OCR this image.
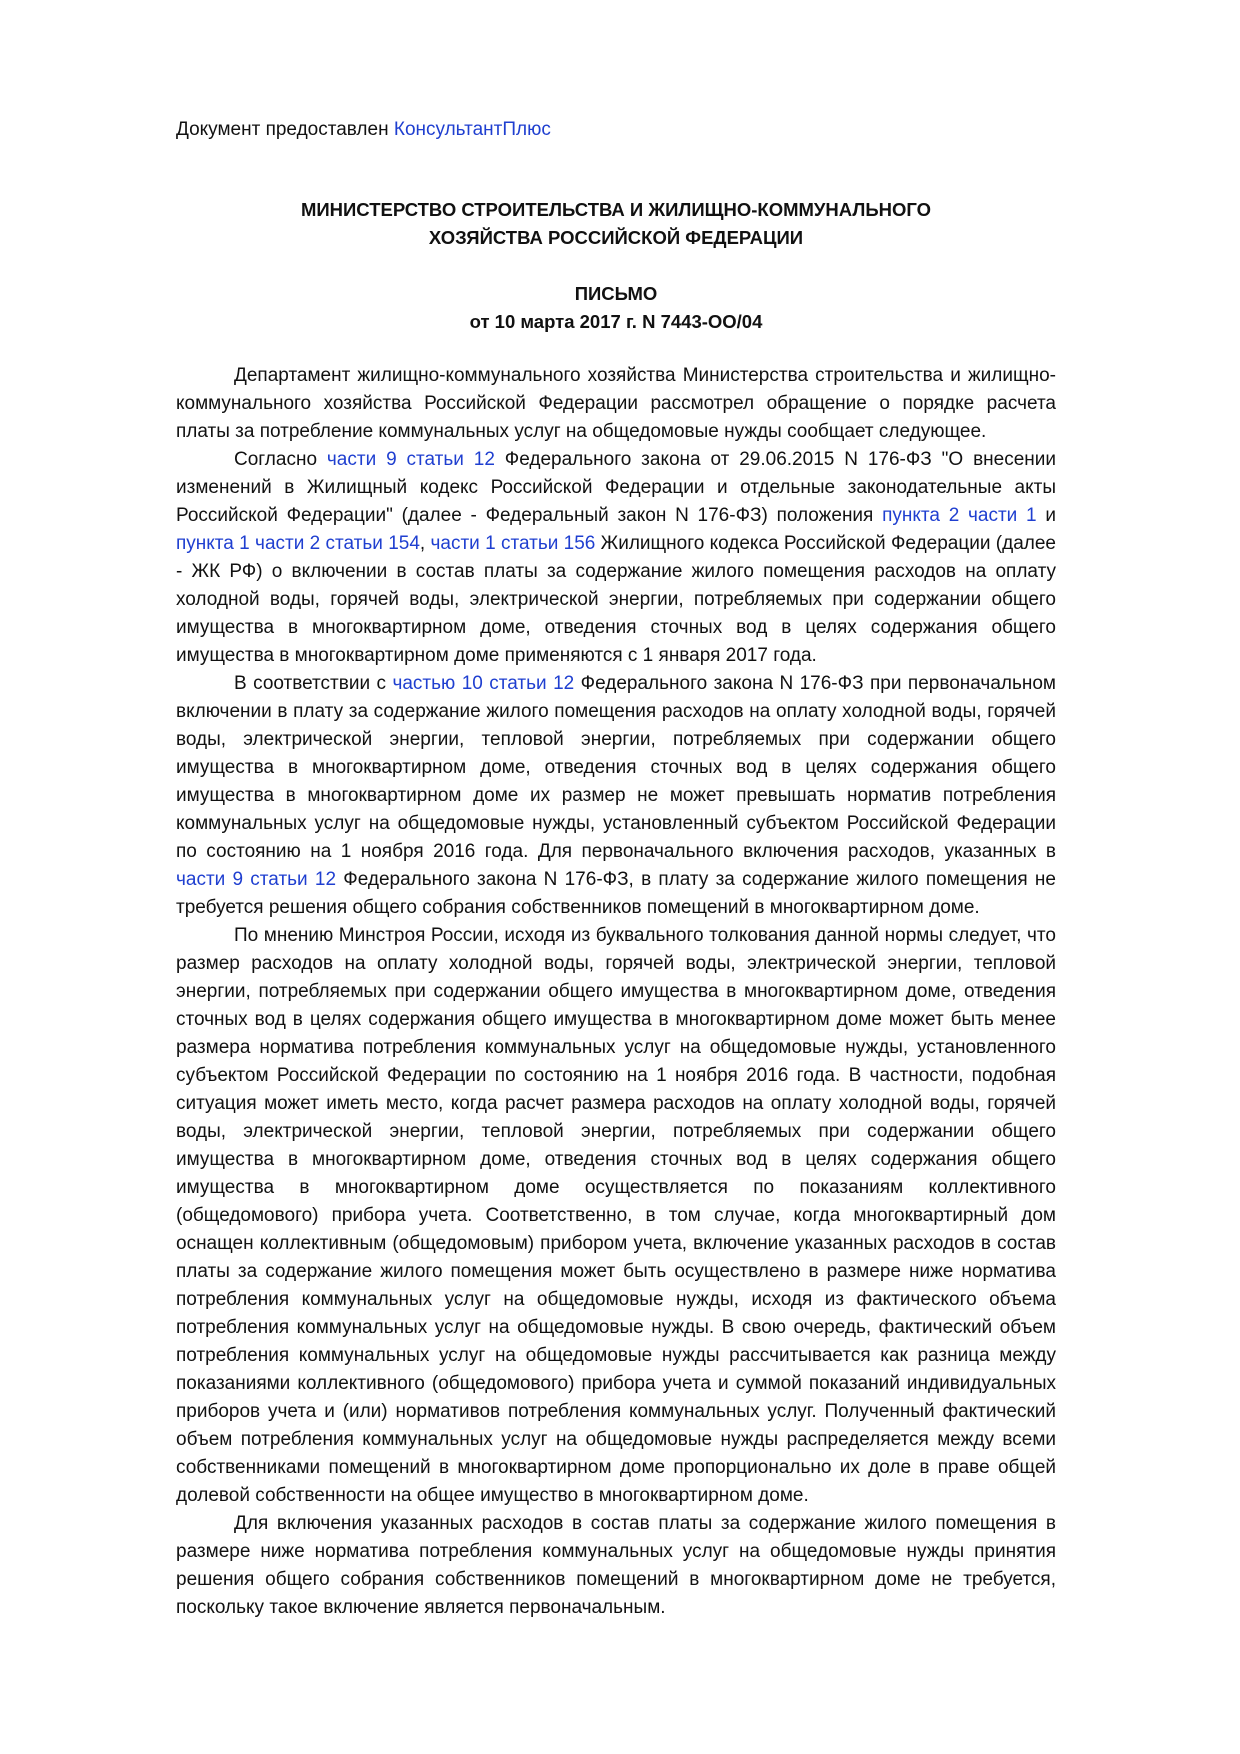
Документ предоставлен КонсультантПлюс
МИНИСТЕРСТВО СТРОИТЕЛЬСТВА И ЖИЛИЩНО-КОММУНАЛЬНОГО
ХОЗЯЙСТВА РОССИЙСКОЙ ФЕДЕРАЦИИ
ПИСЬМО
от 10 марта 2017 г. N 7443-ОО/04

Департамент жилищно-коммунального хозяйства Министерства строительства и жилищно-коммунального хозяйства Российской Федерации рассмотрел обращение о порядке расчета платы за потребление коммунальных услуг на общедомовые нужды сообщает следующее.

Согласно части 9 статьи 12 Федерального закона от 29.06.2015 N 176-ФЗ "О внесении изменений в Жилищный кодекс Российской Федерации и отдельные законодательные акты Российской Федерации" (далее - Федеральный закон N 176-ФЗ) положения пункта 2 части 1 и пункта 1 части 2 статьи 154, части 1 статьи 156 Жилищного кодекса Российской Федерации (далее - ЖК РФ) о включении в состав платы за содержание жилого помещения расходов на оплату холодной воды, горячей воды, электрической энергии, потребляемых при содержании общего имущества в многоквартирном доме, отведения сточных вод в целях содержания общего имущества в многоквартирном доме применяются с 1 января 2017 года.

В соответствии с частью 10 статьи 12 Федерального закона N 176-ФЗ при первоначальном включении в плату за содержание жилого помещения расходов на оплату холодной воды, горячей воды, электрической энергии, тепловой энергии, потребляемых при содержании общего имущества в многоквартирном доме, отведения сточных вод в целях содержания общего имущества в многоквартирном доме их размер не может превышать норматив потребления коммунальных услуг на общедомовые нужды, установленный субъектом Российской Федерации по состоянию на 1 ноября 2016 года. Для первоначального включения расходов, указанных в части 9 статьи 12 Федерального закона N 176-ФЗ, в плату за содержание жилого помещения не требуется решения общего собрания собственников помещений в многоквартирном доме.

По мнению Минстроя России, исходя из буквального толкования данной нормы следует, что размер расходов на оплату холодной воды, горячей воды, электрической энергии, тепловой энергии, потребляемых при содержании общего имущества в многоквартирном доме, отведения сточных вод в целях содержания общего имущества в многоквартирном доме может быть менее размера норматива потребления коммунальных услуг на общедомовые нужды, установленного субъектом Российской Федерации по состоянию на 1 ноября 2016 года. В частности, подобная ситуация может иметь место, когда расчет размера расходов на оплату холодной воды, горячей воды, электрической энергии, тепловой энергии, потребляемых при содержании общего имущества в многоквартирном доме, отведения сточных вод в целях содержания общего имущества в многоквартирном доме осуществляется по показаниям коллективного (общедомового) прибора учета. Соответственно, в том случае, когда многоквартирный дом оснащен коллективным (общедомовым) прибором учета, включение указанных расходов в состав платы за содержание жилого помещения может быть осуществлено в размере ниже норматива потребления коммунальных услуг на общедомовые нужды, исходя из фактического объема потребления коммунальных услуг на общедомовые нужды. В свою очередь, фактический объем потребления коммунальных услуг на общедомовые нужды рассчитывается как разница между показаниями коллективного (общедомового) прибора учета и суммой показаний индивидуальных приборов учета и (или) нормативов потребления коммунальных услуг. Полученный фактический объем потребления коммунальных услуг на общедомовые нужды распределяется между всеми собственниками помещений в многоквартирном доме пропорционально их доле в праве общей долевой собственности на общее имущество в многоквартирном доме.

Для включения указанных расходов в состав платы за содержание жилого помещения в размере ниже норматива потребления коммунальных услуг на общедомовые нужды принятия решения общего собрания собственников помещений в многоквартирном доме не требуется, поскольку такое включение является первоначальным.
